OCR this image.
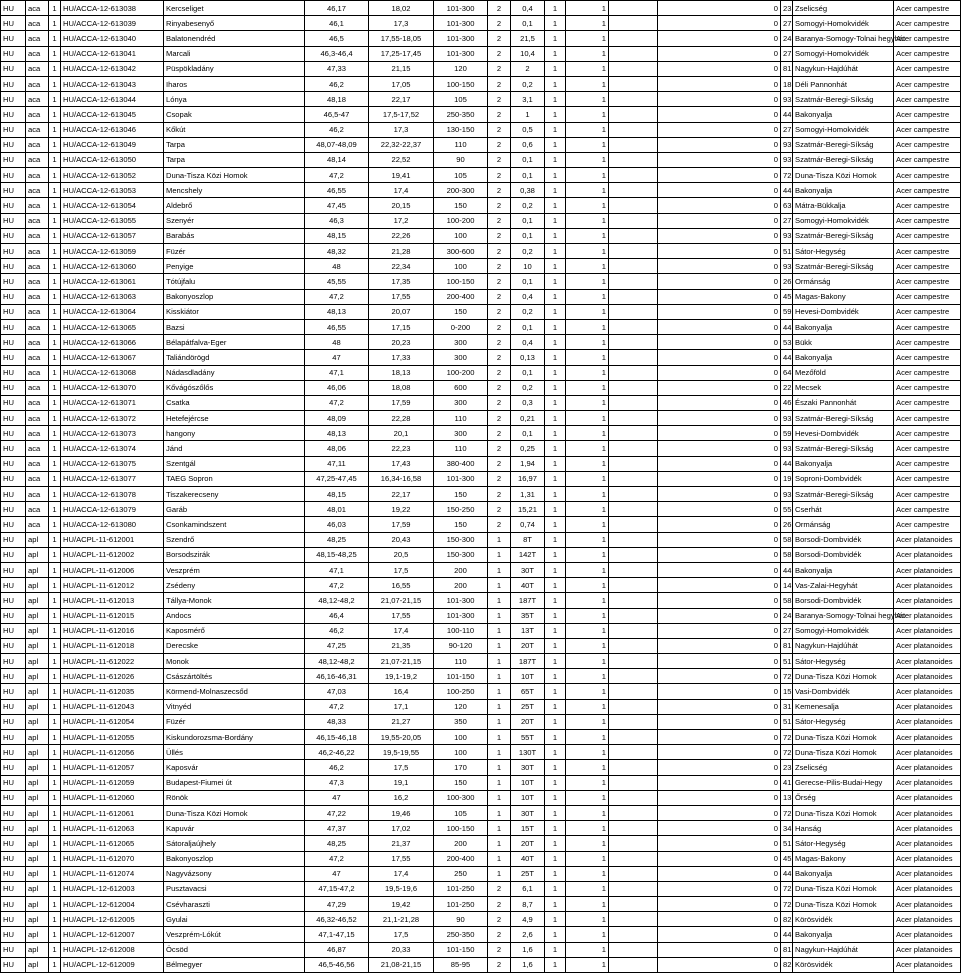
HU	aca	1	HU/ACCA-12-613038	Kercseliget	46,17	18,02	101-300	2	0,4	1	1		0	23	Zselicség	Acer campestre
HU	aca	1	HU/ACCA-12-613039	Rinyabesenyő	46,1	17,3	101-300	2	0,1	1	1		0	27	Somogyi-Homokvidék	Acer campestre
HU	aca	1	HU/ACCA-12-613040	Balatonendréd	46,5	17,55-18,05	101-300	2	21,5	1	1		0	24	Baranya-Somogy-Tolnai hegyhát	Acer campestre
HU	aca	1	HU/ACCA-12-613041	Marcali	46,3-46,4	17,25-17,45	101-300	2	10,4	1	1		0	27	Somogyi-Homokvidék	Acer campestre
HU	aca	1	HU/ACCA-12-613042	Püspökladány	47,33	21,15	120	2	2	1	1		0	81	Nagykun-Hajdúhát	Acer campestre
HU	aca	1	HU/ACCA-12-613043	Iharos	46,2	17,05	100-150	2	0,2	1	1		0	18	Déli Pannonhát	Acer campestre
HU	aca	1	HU/ACCA-12-613044	Lónya	48,18	22,17	105	2	3,1	1	1		0	93	Szatmár-Beregi-Síkság	Acer campestre
HU	aca	1	HU/ACCA-12-613045	Csopak	46,5-47	17,5-17,52	250-350	2	1	1	1		0	44	Bakonyalja	Acer campestre
HU	aca	1	HU/ACCA-12-613046	Kőkút	46,2	17,3	130-150	2	0,5	1	1		0	27	Somogyi-Homokvidék	Acer campestre
HU	aca	1	HU/ACCA-12-613049	Tarpa	48,07-48,09	22,32-22,37	110	2	0,6	1	1		0	93	Szatmár-Beregi-Síkság	Acer campestre
HU	aca	1	HU/ACCA-12-613050	Tarpa	48,14	22,52	90	2	0,1	1	1		0	93	Szatmár-Beregi-Síkság	Acer campestre
HU	aca	1	HU/ACCA-12-613052	Duna-Tisza Közi Homok	47,2	19,41	105	2	0,1	1	1		0	72	Duna-Tisza Közi Homok	Acer campestre
HU	aca	1	HU/ACCA-12-613053	Mencshely	46,55	17,4	200-300	2	0,38	1	1		0	44	Bakonyalja	Acer campestre
HU	aca	1	HU/ACCA-12-613054	Aldebrő	47,45	20,15	150	2	0,2	1	1		0	63	Mátra-Bükkalja	Acer campestre
HU	aca	1	HU/ACCA-12-613055	Szenyér	46,3	17,2	100-200	2	0,1	1	1		0	27	Somogyi-Homokvidék	Acer campestre
HU	aca	1	HU/ACCA-12-613057	Barabás	48,15	22,26	100	2	0,1	1	1		0	93	Szatmár-Beregi-Síkság	Acer campestre
HU	aca	1	HU/ACCA-12-613059	Füzér	48,32	21,28	300-600	2	0,2	1	1		0	51	Sátor-Hegység	Acer campestre
HU	aca	1	HU/ACCA-12-613060	Penyige	48	22,34	100	2	10	1	1		0	93	Szatmár-Beregi-Síkság	Acer campestre
HU	aca	1	HU/ACCA-12-613061	Tótújfalu	45,55	17,35	100-150	2	0,1	1	1		0	26	Ormánság	Acer campestre
HU	aca	1	HU/ACCA-12-613063	Bakonyoszlop	47,2	17,55	200-400	2	0,4	1	1		0	45	Magas-Bakony	Acer campestre
HU	aca	1	HU/ACCA-12-613064	Kisskiátor	48,13	20,07	150	2	0,2	1	1		0	59	Hevesi-Dombvidék	Acer campestre
HU	aca	1	HU/ACCA-12-613065	Bazsi	46,55	17,15	0-200	2	0,1	1	1		0	44	Bakonyalja	Acer campestre
HU	aca	1	HU/ACCA-12-613066	Bélapátfalva-Eger	48	20,23	300	2	0,4	1	1		0	53	Bükk	Acer campestre
HU	aca	1	HU/ACCA-12-613067	Taliándörögd	47	17,33	300	2	0,13	1	1		0	44	Bakonyalja	Acer campestre
HU	aca	1	HU/ACCA-12-613068	Nádasdladány	47,1	18,13	100-200	2	0,1	1	1		0	64	Mezőföld	Acer campestre
HU	aca	1	HU/ACCA-12-613070	Kővágószőlős	46,06	18,08	600	2	0,2	1	1		0	22	Mecsek	Acer campestre
HU	aca	1	HU/ACCA-12-613071	Csatka	47,2	17,59	300	2	0,3	1	1		0	46	Északi Pannonhát	Acer campestre
HU	aca	1	HU/ACCA-12-613072	Hetefejércse	48,09	22,28	110	2	0,21	1	1		0	93	Szatmár-Beregi-Síkság	Acer campestre
HU	aca	1	HU/ACCA-12-613073	hangony	48,13	20,1	300	2	0,1	1	1		0	59	Hevesi-Dombvidék	Acer campestre
HU	aca	1	HU/ACCA-12-613074	Jánd	48,06	22,23	110	2	0,25	1	1		0	93	Szatmár-Beregi-Síkság	Acer campestre
HU	aca	1	HU/ACCA-12-613075	Szentgál	47,11	17,43	380-400	2	1,94	1	1		0	44	Bakonyalja	Acer campestre
HU	aca	1	HU/ACCA-12-613077	TAEG Sopron	47,25-47,45	16,34-16,58	101-300	2	16,97	1	1		0	19	Soproni-Dombvidék	Acer campestre
HU	aca	1	HU/ACCA-12-613078	Tiszakerecseny	48,15	22,17	150	2	1,31	1	1		0	93	Szatmár-Beregi-Síkság	Acer campestre
HU	aca	1	HU/ACCA-12-613079	Garáb	48,01	19,22	150-250	2	15,21	1	1		0	55	Cserhát	Acer campestre
HU	aca	1	HU/ACCA-12-613080	Csonkamindszent	46,03	17,59	150	2	0,74	1	1		0	26	Ormánság	Acer campestre
HU	apl	1	HU/ACPL-11-612001	Szendrő	48,25	20,43	150-300	1	8T	1	1		0	58	Borsodi-Dombvidék	Acer platanoides
HU	apl	1	HU/ACPL-11-612002	Borsodszirák	48,15-48,25	20,5	150-300	1	142T	1	1		0	58	Borsodi-Dombvidék	Acer platanoides
HU	apl	1	HU/ACPL-11-612006	Veszprém	47,1	17,5	200	1	30T	1	1		0	44	Bakonyalja	Acer platanoides
HU	apl	1	HU/ACPL-11-612012	Zsédeny	47,2	16,55	200	1	40T	1	1		0	14	Vas-Zalai-Hegyhát	Acer platanoides
HU	apl	1	HU/ACPL-11-612013	Tállya-Monok	48,12-48,2	21,07-21,15	101-300	1	187T	1	1		0	58	Borsodi-Dombvidék	Acer platanoides
HU	apl	1	HU/ACPL-11-612015	Andocs	46,4	17,55	101-300	1	35T	1	1		0	24	Baranya-Somogy-Tolnai hegyhát	Acer platanoides
HU	apl	1	HU/ACPL-11-612016	Kaposmérő	46,2	17,4	100-110	1	13T	1	1		0	27	Somogyi-Homokvidék	Acer platanoides
HU	apl	1	HU/ACPL-11-612018	Derecske	47,25	21,35	90-120	1	20T	1	1		0	81	Nagykun-Hajdúhát	Acer platanoides
HU	apl	1	HU/ACPL-11-612022	Monok	48,12-48,2	21,07-21,15	110	1	187T	1	1		0	51	Sátor-Hegység	Acer platanoides
HU	apl	1	HU/ACPL-11-612026	Császártöltés	46,16-46,31	19,1-19,2	101-150	1	10T	1	1		0	72	Duna-Tisza Közi Homok	Acer platanoides
HU	apl	1	HU/ACPL-11-612035	Körmend-Molnaszecsőd	47,03	16,4	100-250	1	65T	1	1		0	15	Vasi-Dombvidék	Acer platanoides
HU	apl	1	HU/ACPL-11-612043	Vitnyéd	47,2	17,1	120	1	25T	1	1		0	31	Kemenesalja	Acer platanoides
HU	apl	1	HU/ACPL-11-612054	Füzér	48,33	21,27	350	1	20T	1	1		0	51	Sátor-Hegység	Acer platanoides
HU	apl	1	HU/ACPL-11-612055	Kiskundorozsma-Bordány	46,15-46,18	19,55-20,05	100	1	55T	1	1		0	72	Duna-Tisza Közi Homok	Acer platanoides
HU	apl	1	HU/ACPL-11-612056	Üllés	46,2-46,22	19,5-19,55	100	1	130T	1	1		0	72	Duna-Tisza Közi Homok	Acer platanoides
HU	apl	1	HU/ACPL-11-612057	Kaposvár	46,2	17,5	170	1	30T	1	1		0	23	Zselicség	Acer platanoides
HU	apl	1	HU/ACPL-11-612059	Budapest-Fiumei út	47,3	19,1	150	1	10T	1	1		0	41	Gerecse-Pilis-Budai-Hegy	Acer platanoides
HU	apl	1	HU/ACPL-11-612060	Rönök	47	16,2	100-300	1	10T	1	1		0	13	Őrség	Acer platanoides
HU	apl	1	HU/ACPL-11-612061	Duna-Tisza Közi Homok	47,22	19,46	105	1	30T	1	1		0	72	Duna-Tisza Közi Homok	Acer platanoides
HU	apl	1	HU/ACPL-11-612063	Kapuvár	47,37	17,02	100-150	1	15T	1	1		0	34	Hanság	Acer platanoides
HU	apl	1	HU/ACPL-11-612065	Sátoraljaújhely	48,25	21,37	200	1	20T	1	1		0	51	Sátor-Hegység	Acer platanoides
HU	apl	1	HU/ACPL-11-612070	Bakonyoszlop	47,2	17,55	200-400	1	40T	1	1		0	45	Magas-Bakony	Acer platanoides
HU	apl	1	HU/ACPL-11-612074	Nagyvázsony	47	17,4	250	1	25T	1	1		0	44	Bakonyalja	Acer platanoides
HU	apl	1	HU/ACPL-12-612003	Pusztavacsi	47,15-47,2	19,5-19,6	101-250	2	6,1	1	1		0	72	Duna-Tisza Közi Homok	Acer platanoides
HU	apl	1	HU/ACPL-12-612004	Csévharaszti	47,29	19,42	101-250	2	8,7	1	1		0	72	Duna-Tisza Közi Homok	Acer platanoides
HU	apl	1	HU/ACPL-12-612005	Gyulai	46,32-46,52	21,1-21,28	90	2	4,9	1	1		0	82	Körösvidék	Acer platanoides
HU	apl	1	HU/ACPL-12-612007	Veszprém-Lókút	47,1-47,15	17,5	250-350	2	2,6	1	1		0	44	Bakonyalja	Acer platanoides
HU	apl	1	HU/ACPL-12-612008	Öcsöd	46,87	20,33	101-150	2	1,6	1	1		0	81	Nagykun-Hajdúhát	Acer platanoides
HU	apl	1	HU/ACPL-12-612009	Bélmegyer	46,5-46,56	21,08-21,15	85-95	2	1,6	1	1		0	82	Körösvidék	Acer platanoides
